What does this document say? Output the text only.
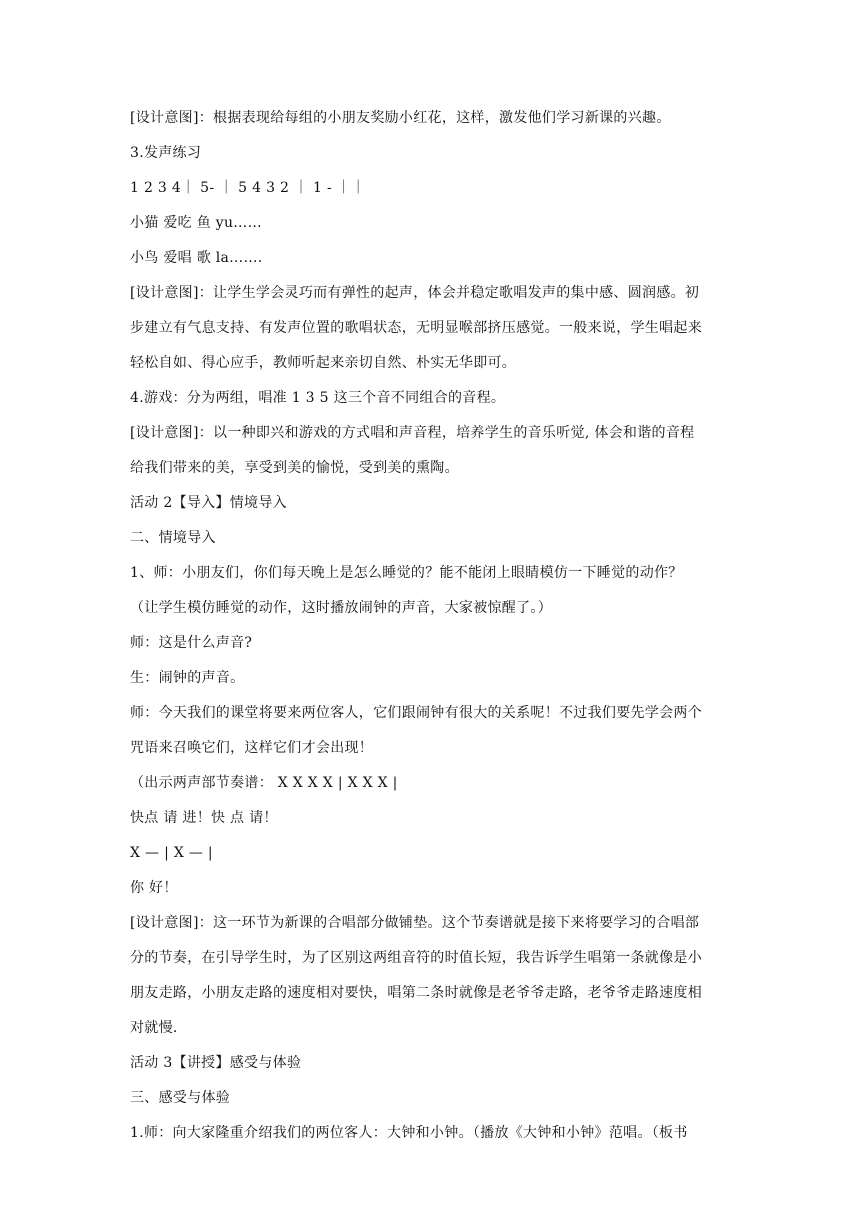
[设计意图]：根据表现给每组的小朋友奖励小红花，这样，激发他们学习新课的兴趣。
3.发声练习
1 2 3 4｜ 5- ｜ 5 4 3 2 ｜ 1 - ｜｜
小猫 爱吃 鱼 yu……
小鸟 爱唱 歌 la…….
[设计意图]：让学生学会灵巧而有弹性的起声，体会并稳定歌唱发声的集中感、圆润感。初
步建立有气息支持、有发声位置的歌唱状态，无明显喉部挤压感觉。一般来说，学生唱起来
轻松自如、得心应手，教师听起来亲切自然、朴实无华即可。
4.游戏：分为两组，唱准 1 3 5 这三个音不同组合的音程。
[设计意图]：以一种即兴和游戏的方式唱和声音程，培养学生的音乐听觉, 体会和谐的音程
给我们带来的美，享受到美的愉悦，受到美的熏陶。
活动 2【导入】情境导入
二、情境导入
1、师：小朋友们，你们每天晚上是怎么睡觉的？能不能闭上眼睛模仿一下睡觉的动作？
（让学生模仿睡觉的动作，这时播放闹钟的声音，大家被惊醒了。）
师：这是什么声音?
生：闹钟的声音。
师：今天我们的课堂将要来两位客人，它们跟闹钟有很大的关系呢！不过我们要先学会两个
咒语来召唤它们，这样它们才会出现！
（出示两声部节奏谱： X X X X | X X X |
快点 请 进！快 点 请！
X — | X — |
你 好！
[设计意图]：这一环节为新课的合唱部分做铺垫。这个节奏谱就是接下来将要学习的合唱部
分的节奏，在引导学生时，为了区别这两组音符的时值长短，我告诉学生唱第一条就像是小
朋友走路，小朋友走路的速度相对要快，唱第二条时就像是老爷爷走路，老爷爷走路速度相
对就慢.
活动 3【讲授】感受与体验
三、感受与体验
1.师：向大家隆重介绍我们的两位客人：大钟和小钟。（播放《大钟和小钟》范唱。（板书
